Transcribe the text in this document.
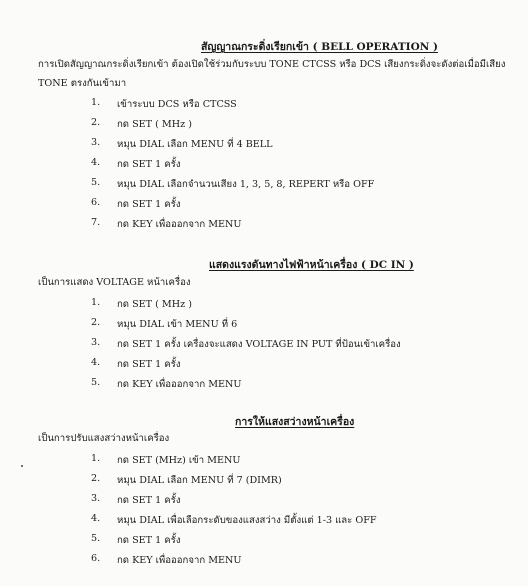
สัญญาณกระดิ่งเรียกเข้า ( BELL OPERATION )
การเปิดสัญญาณกระดิ่งเรียกเข้า ต้องเปิดใช้ร่วมกับระบบ TONE CTCSS หรือ DCS เสียงกระดิ่งจะดังต่อเมื่อมีเสียง TONE ตรงกันเข้ามา
1.	เข้าระบบ DCS หรือ CTCSS
2.	กด SET ( MHz )
3.	หมุน DIAL เลือก MENU ที่ 4 BELL
4.	กด SET 1 ครั้ง
5.	หมุน DIAL เลือกจำนวนเสียง 1, 3, 5, 8, REPERT หรือ OFF
6.	กด SET 1 ครั้ง
7.	กด KEY เพื่อออกจาก MENU
แสดงแรงดันทางไฟฟ้าหน้าเครื่อง ( DC IN )
เป็นการแสดง VOLTAGE หน้าเครื่อง
1.	กด SET ( MHz )
2.	หมุน DIAL เข้า MENU ที่ 6
3.	กด SET 1 ครั้ง เครื่องจะแสดง VOLTAGE IN PUT ที่ป้อนเข้าเครื่อง
4.	กด SET 1 ครั้ง
5.	กด KEY เพื่อออกจาก MENU
การให้แสงสว่างหน้าเครื่อง
เป็นการปรับแสงสว่างหน้าเครื่อง
1.	กด SET (MHz) เข้า MENU
2.	หมุน DIAL เลือก MENU ที่ 7 (DIMR)
3.	กด SET 1 ครั้ง
4.	หมุน DIAL เพื่อเลือกระดับของแสงสว่าง มีตั้งแต่ 1-3 และ OFF
5.	กด SET 1 ครั้ง
6.	กด KEY เพื่อออกจาก MENU
